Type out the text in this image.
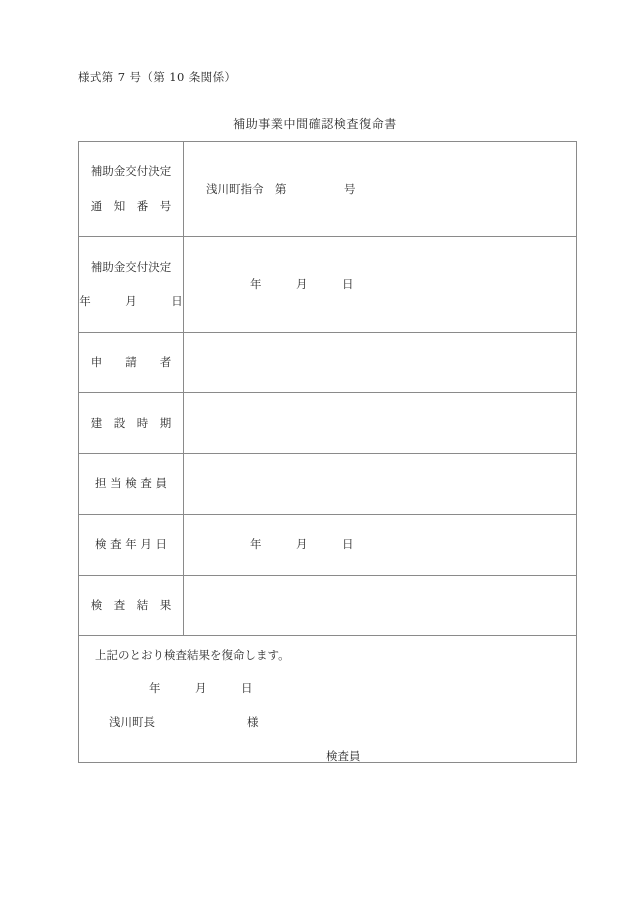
様式第 7 号（第 10 条関係）
補助事業中間確認検査復命書

補助金交付決定

通　知　番　号	浅川町指令　第　　　　　号

補助金交付決定

年　　　月　　　日	年　　　月　　　日

申　　請　　者	

建　設　時　期	

担 当 検 査 員	

検 査 年 月 日	年　　　月　　　日

検　査　結　果	

上記のとおり検査結果を復命します。
年　　　月　　　日
浅川町長　　　　　　　　様
検査員	
